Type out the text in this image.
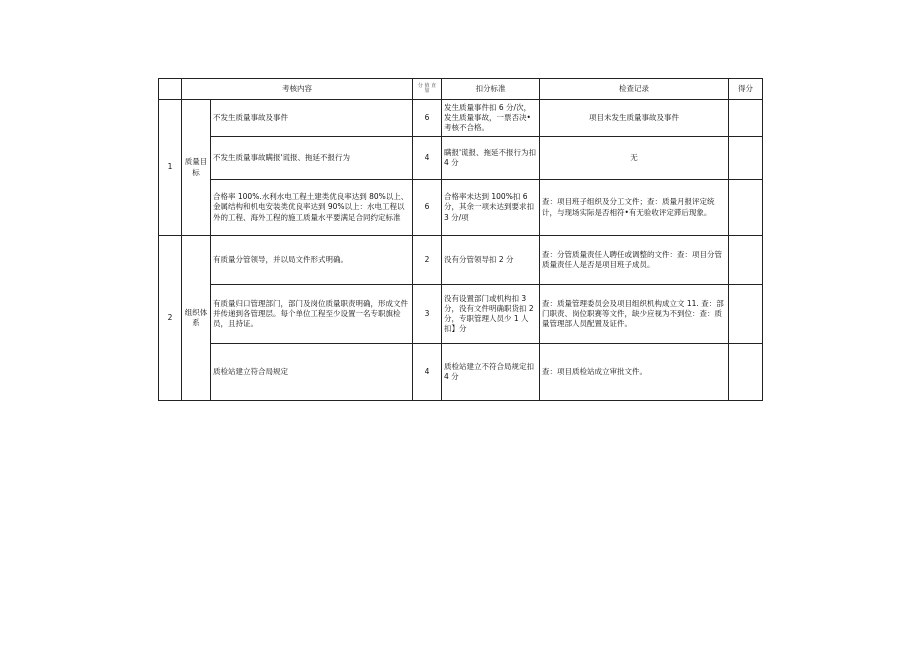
	考核内容		分 值 直 加	扣分标准	检查记录	得分
1	质量目标	不发生质量事故及事件	6	发生质量事件扣 6 分/次，发生质量事故，一票否决•考核不合格。	项目未发生质量事故及事件	
		不发生质量事故瞒报'谎报、拖延不报行为	4	瞒报'谎报、拖延不报行为扣 4 分	无	
		合格率 100%.水利水电工程土建类优良率达到 80%以上、金属结构和机电安装类优良率达到 90%以上：水电工程以外的工程、海外工程的施工质量水平要满足合同约定标准	6	合格率未达到 100%扣 6 分，其余一项未达到要求扣 3 分/项	查：项目班子组织及分工文件；查：质量月报评定统计，与现场实际是否相符•有无验收评定滞后现象。	
2	组织体系	有质量分管领导，并以局文件形式明确。	2	没有分管领导扣 2 分	查：分管质量责任人聘任或调整的文件：查：项目分管质量责任人是否是项目班子成员。	
		有质量归口管理部门，部门及岗位质量职责明确，形成文件并传递到各管理层。每个单位工程至少设置一名专职旗检员，且持证。	3	没有设置部门或机构扣 3 分，没有文件明确职货扣 2 分，专职管理人员少 1 人扣】分	查：质量管理委员会及项目组织机构成立文 11. 查：部门职责、岗位职赛等文件，缺少应视为不到位：查：质量管理部人员配置及证件。	
		质检站建立符合局规定	4	质检站建立不符合局规定扣 4 分	查：项目质检站成立审批文件。	
